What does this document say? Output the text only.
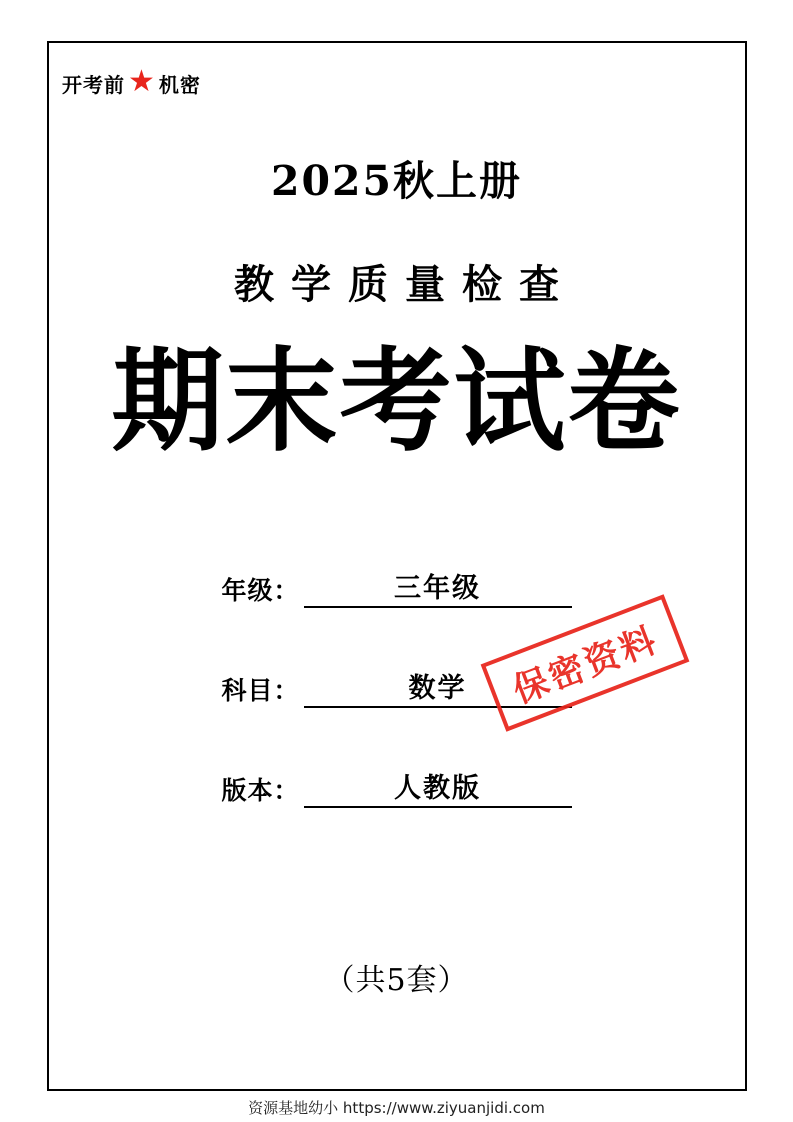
开考前 ★ 机密
2025秋上册
教学质量检查
期末考试卷
年级：	三年级
科目：	数学
版本：	人教版
保密资料
（共5套）
资源基地幼小 https://www.ziyuanjidi.com
